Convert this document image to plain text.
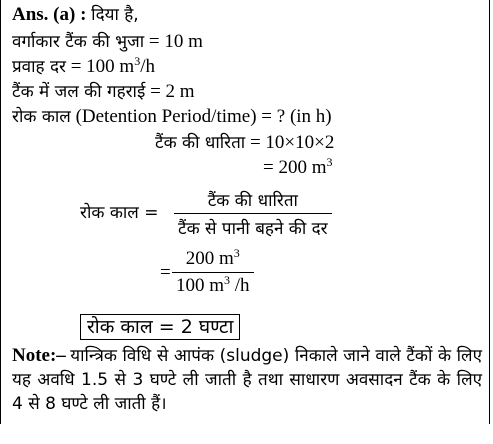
Ans. (a) : दिया है,
वर्गाकार टैंक की भुजा = 10 m
प्रवाह दर = 100 $m^3/h$
टैंक में जल की गहराई = 2 m
रोक काल (Detention Period/time) = ? (in h)
टैंक की धारिता = 10×10×2
= 200 $m^3$
रोक काल =
टैंक की धारिता
टैंक से पानी बहने की दर
=
200 $m^3$
100 $m^3$ /h
रोक काल = 2 घण्टा
Note:– यान्त्रिक विधि से आपंक (sludge) निकाले जाने वाले टैंकों के लिए यह अवधि 1.5 से 3 घण्टे ली जाती है तथा साधारण अवसादन टैंक के लिए 4 से 8 घण्टे ली जाती हैं।
